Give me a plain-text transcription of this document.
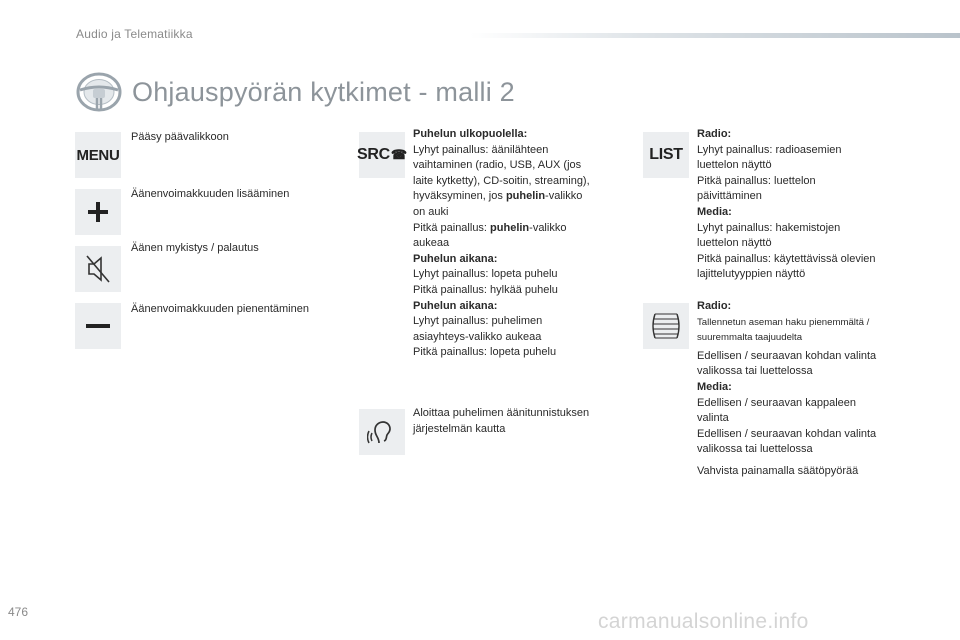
Audio ja Telematiikka
Ohjauspyörän kytkimet - malli 2
MENU
Pääsy päävalikkoon
Äänenvoimakkuuden lisääminen
Äänen mykistys / palautus
Äänenvoimakkuuden pienentäminen
SRC ☎
Puhelun ulkopuolella:
Lyhyt painallus: äänilähteen
vaihtaminen (radio, USB, AUX (jos
laite kytketty), CD-soitin, streaming),
hyväksyminen, jos puhelin-valikko
on auki
Pitkä painallus: puhelin-valikko
aukeaa
Puhelun aikana:
Lyhyt painallus: lopeta puhelu
Pitkä painallus: hylkää puhelu
Puhelun aikana:
Lyhyt painallus: puhelimen
asiayhteys-valikko aukeaa
Pitkä painallus: lopeta puhelu
Aloittaa puhelimen äänitunnistuksen
järjestelmän kautta
LIST
Radio:
Lyhyt painallus: radioasemien
luettelon näyttö
Pitkä painallus: luettelon
päivittäminen
Media:
Lyhyt painallus: hakemistojen
luettelon näyttö
Pitkä painallus: käytettävissä olevien
lajittelutyyppien näyttö
Radio:
Tallennetun aseman haku pienemmältä /
suuremmalta taajuudelta
Edellisen / seuraavan kohdan valinta
valikossa tai luettelossa
Media:
Edellisen / seuraavan kappaleen
valinta
Edellisen / seuraavan kohdan valinta
valikossa tai luettelossa
Vahvista painamalla säätöpyörää
476	carmanualsonline.info
